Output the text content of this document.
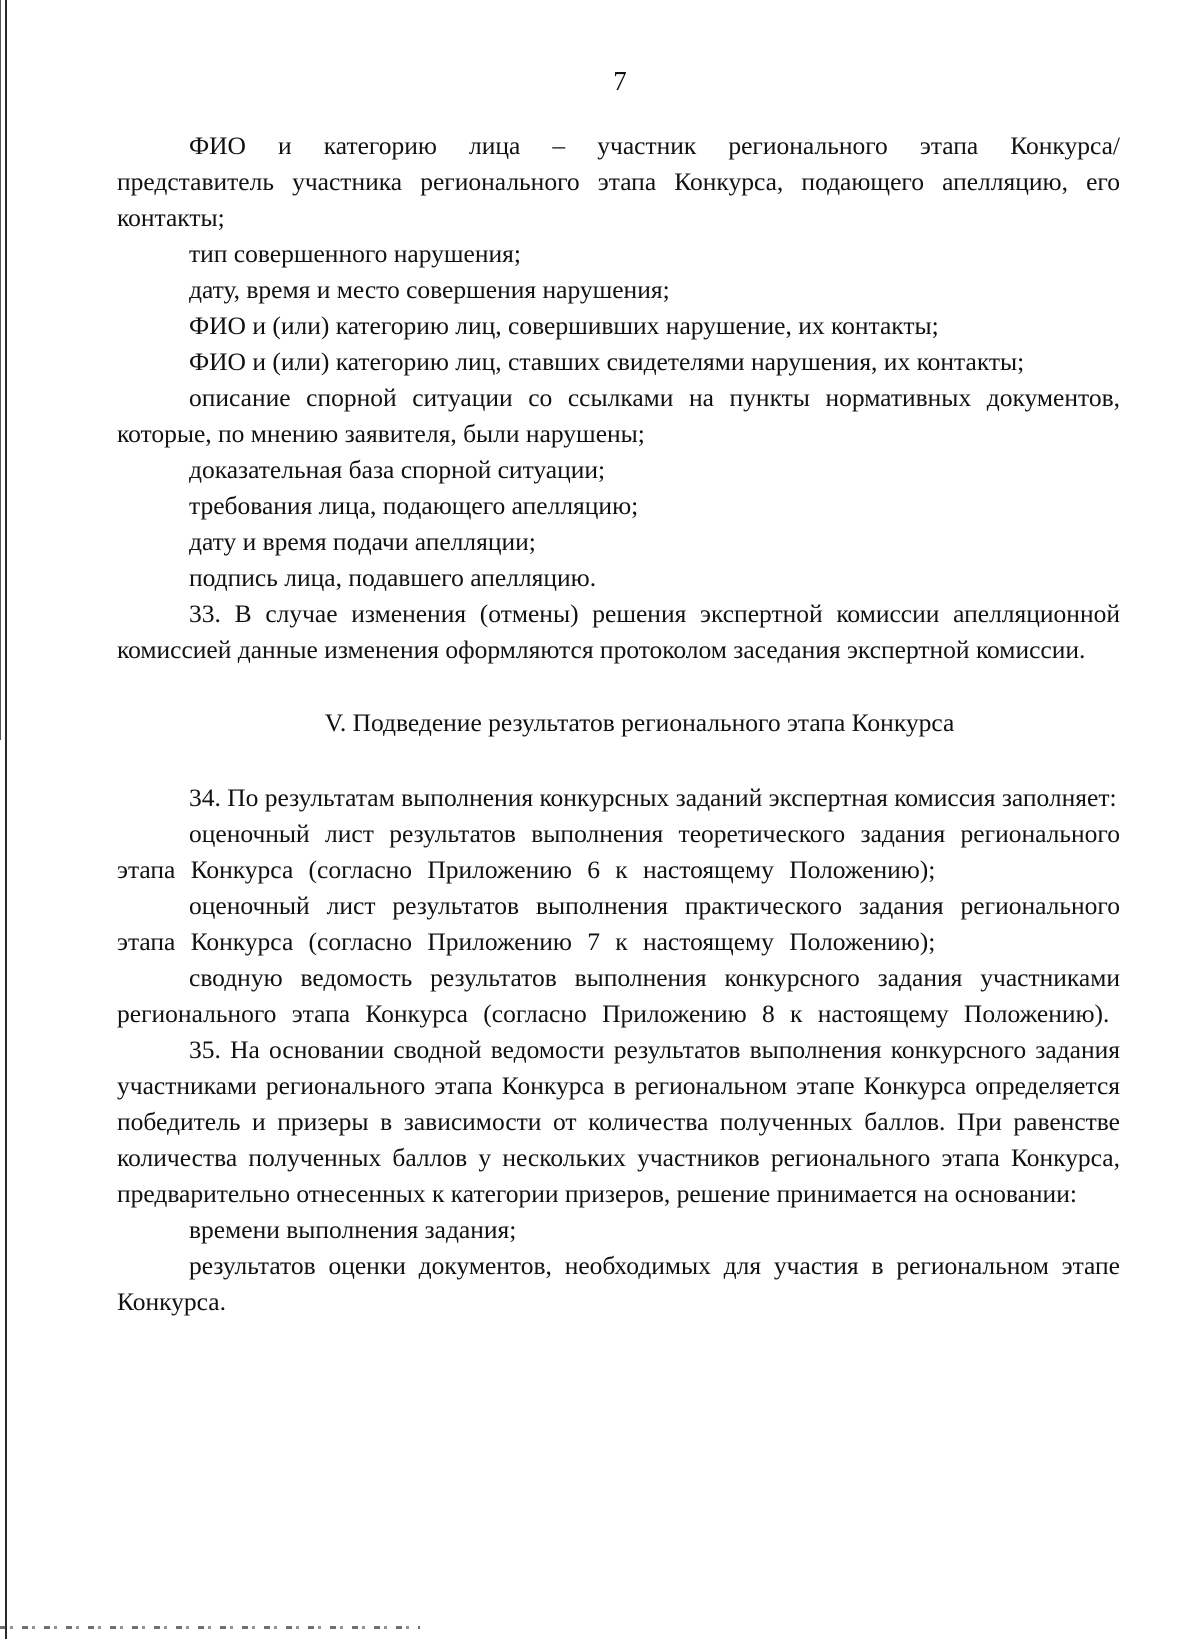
7

ФИО и категорию лица – участник регионального этапа Конкурса/представитель участника регионального этапа Конкурса, подающего апелляцию, его контакты;

тип совершенного нарушения;

дату, время и место совершения нарушения;

ФИО и (или) категорию лиц, совершивших нарушение, их контакты;

ФИО и (или) категорию лиц, ставших свидетелями нарушения, их контакты;

описание спорной ситуации со ссылками на пункты нормативных документов, которые, по мнению заявителя, были нарушены;

доказательная база спорной ситуации;

требования лица, подающего апелляцию;

дату и время подачи апелляции;

подпись лица, подавшего апелляцию.

33. В случае изменения (отмены) решения экспертной комиссии апелляционной комиссией данные изменения оформляются протоколом заседания экспертной комиссии.

V. Подведение результатов регионального этапа Конкурса

34. По результатам выполнения конкурсных заданий экспертная комиссия заполняет:

оценочный лист результатов выполнения теоретического задания регионального этапа Конкурса (согласно Приложению 6 к настоящему Положению);

оценочный лист результатов выполнения практического задания регионального этапа Конкурса (согласно Приложению 7 к настоящему Положению);

сводную ведомость результатов выполнения конкурсного задания участниками регионального этапа Конкурса (согласно Приложению 8 к настоящему Положению).

35. На основании сводной ведомости результатов выполнения конкурсного задания участниками регионального этапа Конкурса в региональном этапе Конкурса определяется победитель и призеры в зависимости от количества полученных баллов. При равенстве количества полученных баллов у нескольких участников регионального этапа Конкурса, предварительно отнесенных к категории призеров, решение принимается на основании:

времени выполнения задания;

результатов оценки документов, необходимых для участия в региональном этапе Конкурса.
